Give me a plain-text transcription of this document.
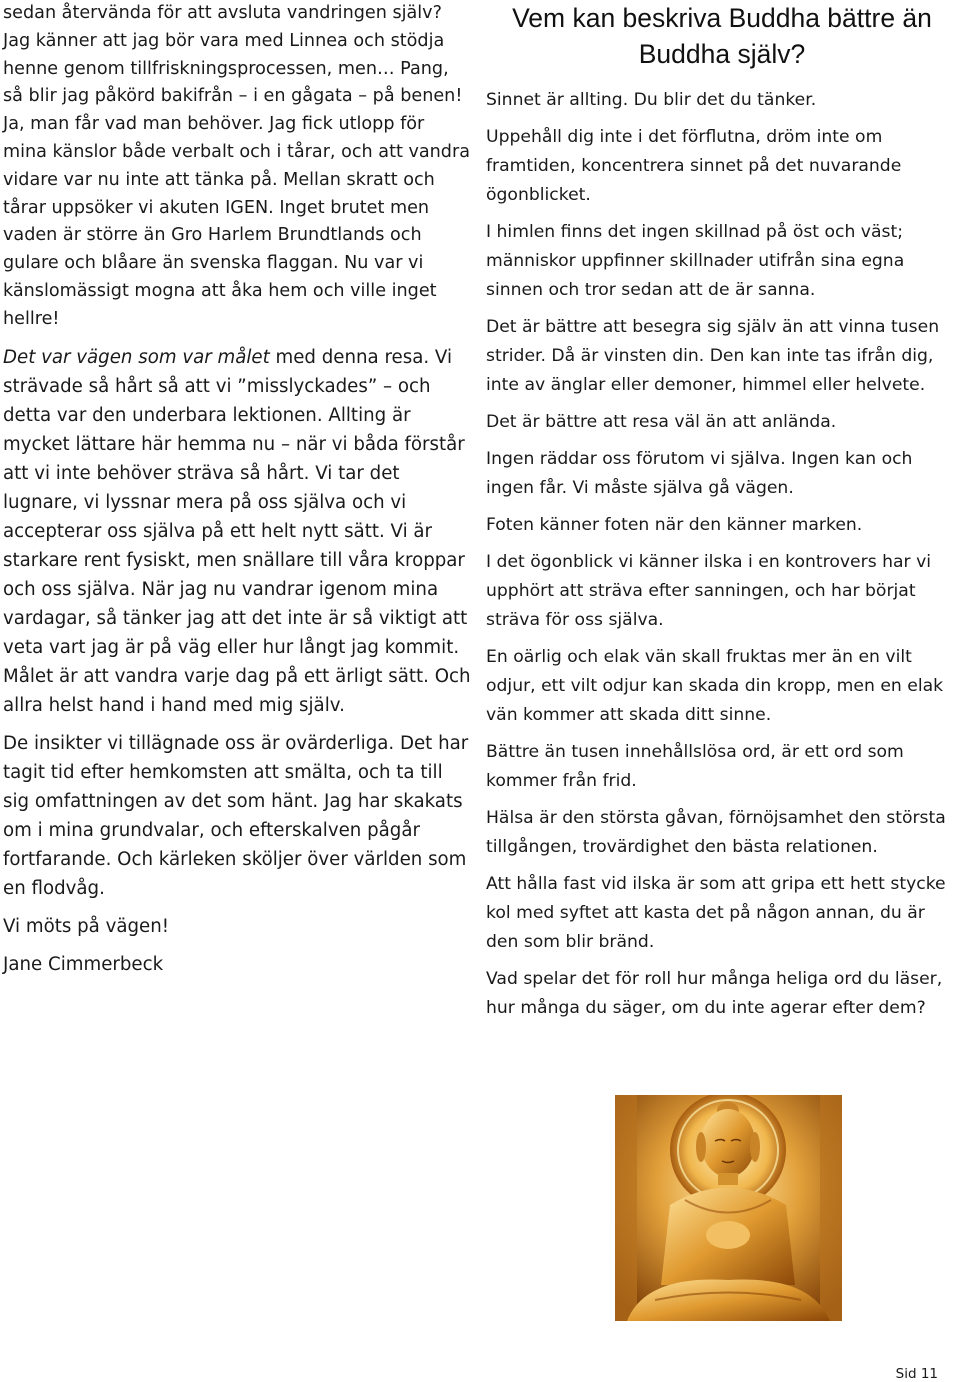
sedan återvända för att avsluta vandringen själv? Jag känner att jag bör vara med Linnea och stödja henne genom tillfriskningsprocessen, men… Pang, så blir jag påkörd bakifrån – i en gågata – på benen! Ja, man får vad man behöver. Jag fick utlopp för mina känslor både verbalt och i tårar, och att vandra vidare var nu inte att tänka på. Mellan skratt och tårar uppsöker vi akuten IGEN. Inget brutet men vaden är större än Gro Harlem Brundtlands och gulare och blåare än svenska flaggan. Nu var vi känslomässigt mogna att åka hem och ville inget hellre!

Det var vägen som var målet med denna resa. Vi strävade så hårt så att vi ”misslyckades” – och detta var den underbara lektionen. Allting är mycket lättare här hemma nu – när vi båda förstår att vi inte behöver sträva så hårt. Vi tar det lugnare, vi lyssnar mera på oss själva och vi accepterar oss själva på ett helt nytt sätt. Vi är starkare rent fysiskt, men snällare till våra kroppar och oss själva. När jag nu vandrar igenom mina vardagar, så tänker jag att det inte är så viktigt att veta vart jag är på väg eller hur långt jag kommit. Målet är att vandra varje dag på ett ärligt sätt. Och allra helst hand i hand med mig själv.

De insikter vi tillägnade oss är ovärderliga. Det har tagit tid efter hemkomsten att smälta, och ta till sig omfattningen av det som hänt. Jag har skakats om i mina grundvalar, och efterskalven pågår fortfarande. Och kärleken sköljer över världen som en flodvåg.

Vi möts på vägen!

Jane Cimmerbeck

Vem kan beskriva Buddha bättre än Buddha själv?

Sinnet är allting. Du blir det du tänker.

Uppehåll dig inte i det förflutna, dröm inte om framtiden, koncentrera sinnet på det nuvarande ögonblicket.

I himlen finns det ingen skillnad på öst och väst; människor uppfinner skillnader utifrån sina egna sinnen och tror sedan att de är sanna.

Det är bättre att besegra sig själv än att vinna tusen strider. Då är vinsten din. Den kan inte tas ifrån dig, inte av änglar eller demoner, himmel eller helvete.

Det är bättre att resa väl än att anlända.

Ingen räddar oss förutom vi själva. Ingen kan och ingen får. Vi måste själva gå vägen.

Foten känner foten när den känner marken.

I det ögonblick vi känner ilska i en kontrovers har vi upphört att sträva efter sanningen, och har börjat sträva för oss själva.

En oärlig och elak vän skall fruktas mer än en vilt odjur, ett vilt odjur kan skada din kropp, men en elak vän kommer att skada ditt sinne.

Bättre än tusen innehållslösa ord, är ett ord som kommer från frid.

Hälsa är den största gåvan, förnöjsamhet den största tillgången, trovärdighet den bästa relationen.

Att hålla fast vid ilska är som att gripa ett hett stycke kol med syftet att kasta det på någon annan, du är den som blir bränd.

Vad spelar det för roll hur många heliga ord du läser, hur många du säger, om du inte agerar efter dem?

Sid 11
